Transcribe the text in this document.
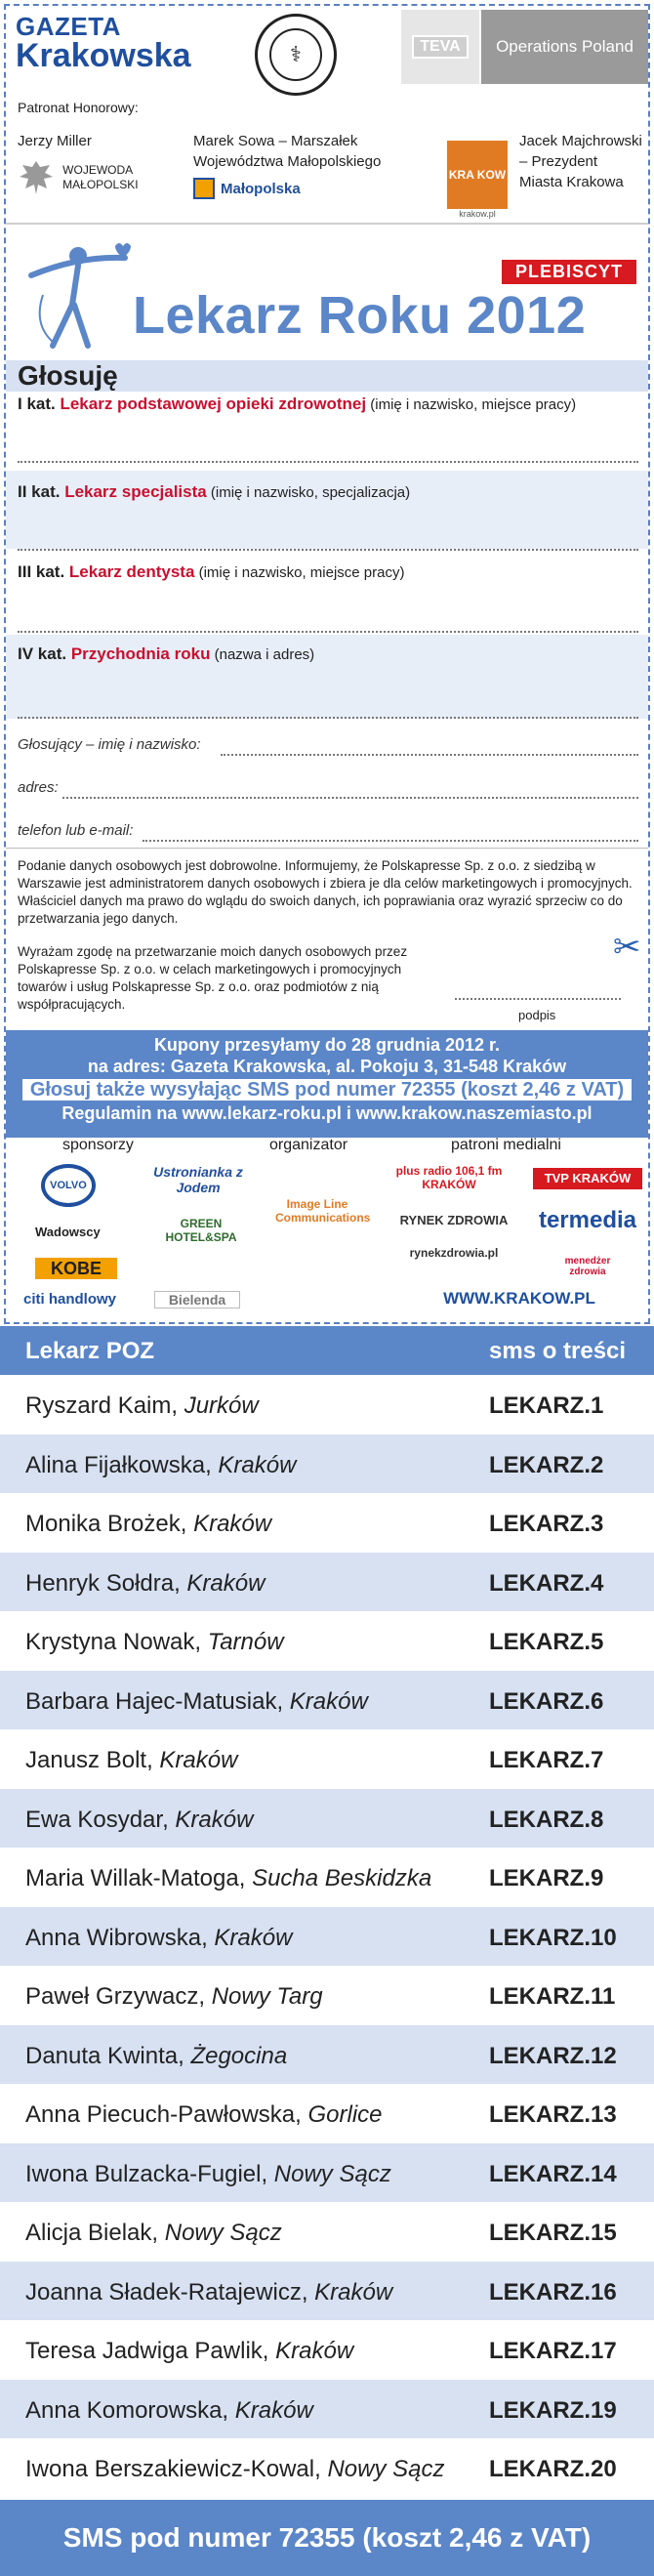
GAZETA
Krakowska	⚕	TEVA	Operations Poland
Patronat Honorowy:
Jerzy Miller
WOJEWODA
MAŁOPOLSKI
Marek Sowa – Marszałek
Województwa Małopolskiego
Małopolska
KRA KOW
krakow.pl
Jacek Majchrowski
– Prezydent
Miasta Krakowa
PLEBISCYT
Lekarz Roku 2012
Głosuję
I kat. Lekarz podstawowej opieki zdrowotnej (imię i nazwisko, miejsce pracy)
II kat. Lekarz specjalista (imię i nazwisko, specjalizacja)
III kat. Lekarz dentysta (imię i nazwisko, miejsce pracy)
IV kat. Przychodnia roku (nazwa i adres)
Głosujący – imię i nazwisko:
adres:
telefon lub e-mail:
Podanie danych osobowych jest dobrowolne. Informujemy, że Polskapresse Sp. z o.o. z siedzibą w Warszawie jest administratorem danych osobowych i zbiera je dla celów marketingowych i promocyjnych. Właściciel danych ma prawo do wglądu do swoich danych, ich poprawiania oraz wyrazić sprzeciw co do przetwarzania jego danych.
Wyrażam zgodę na przetwarzanie moich danych osobowych przez Polskapresse Sp. z o.o. w celach marketingowych i promocyjnych towarów i usług Polskapresse Sp. z o.o. oraz podmiotów z nią współpracujących.
podpis
✂
Kupony przesyłamy do 28 grudnia 2012 r.
na adres: Gazeta Krakowska, al. Pokoju 3, 31-548 Kraków
Głosuj także wysyłając SMS pod numer 72355 (koszt 2,46 z VAT)
Regulamin na www.lekarz-roku.pl i www.krakow.naszemiasto.pl
sponsorzy	organizator	patroni medialni
VOLVO
Wadowscy
KOBE
citi handlowy
Ustronianka z Jodem
GREEN HOTEL&SPA
Bielenda
Image Line Communications
plus radio 106,1 fm KRAKÓW	TVP KRAKÓW
RYNEK ZDROWIA
rynekzdrowia.pl
termedia
menedżer zdrowia
WWW.KRAKOW.PL
Lekarz POZ	sms o treści
Ryszard Kaim, Jurków	LEKARZ.1
Alina Fijałkowska, Kraków	LEKARZ.2
Monika Brożek, Kraków	LEKARZ.3
Henryk Sołdra, Kraków	LEKARZ.4
Krystyna Nowak, Tarnów	LEKARZ.5
Barbara Hajec-Matusiak, Kraków	LEKARZ.6
Janusz Bolt, Kraków	LEKARZ.7
Ewa Kosydar, Kraków	LEKARZ.8
Maria Willak-Matoga, Sucha Beskidzka LEKARZ.9
Anna Wibrowska, Kraków	LEKARZ.10
Paweł Grzywacz, Nowy Targ	LEKARZ.11
Danuta Kwinta, Żegocina	LEKARZ.12
Anna Piecuch-Pawłowska, Gorlice	LEKARZ.13
Iwona Bulzacka-Fugiel, Nowy Sącz	LEKARZ.14
Alicja Bielak, Nowy Sącz	LEKARZ.15
Joanna Sładek-Ratajewicz, Kraków	LEKARZ.16
Teresa Jadwiga Pawlik, Kraków	LEKARZ.17
Anna Komorowska, Kraków	LEKARZ.19
Iwona Berszakiewicz-Kowal, Nowy Sącz LEKARZ.20
SMS pod numer 72355 (koszt 2,46 z VAT)
